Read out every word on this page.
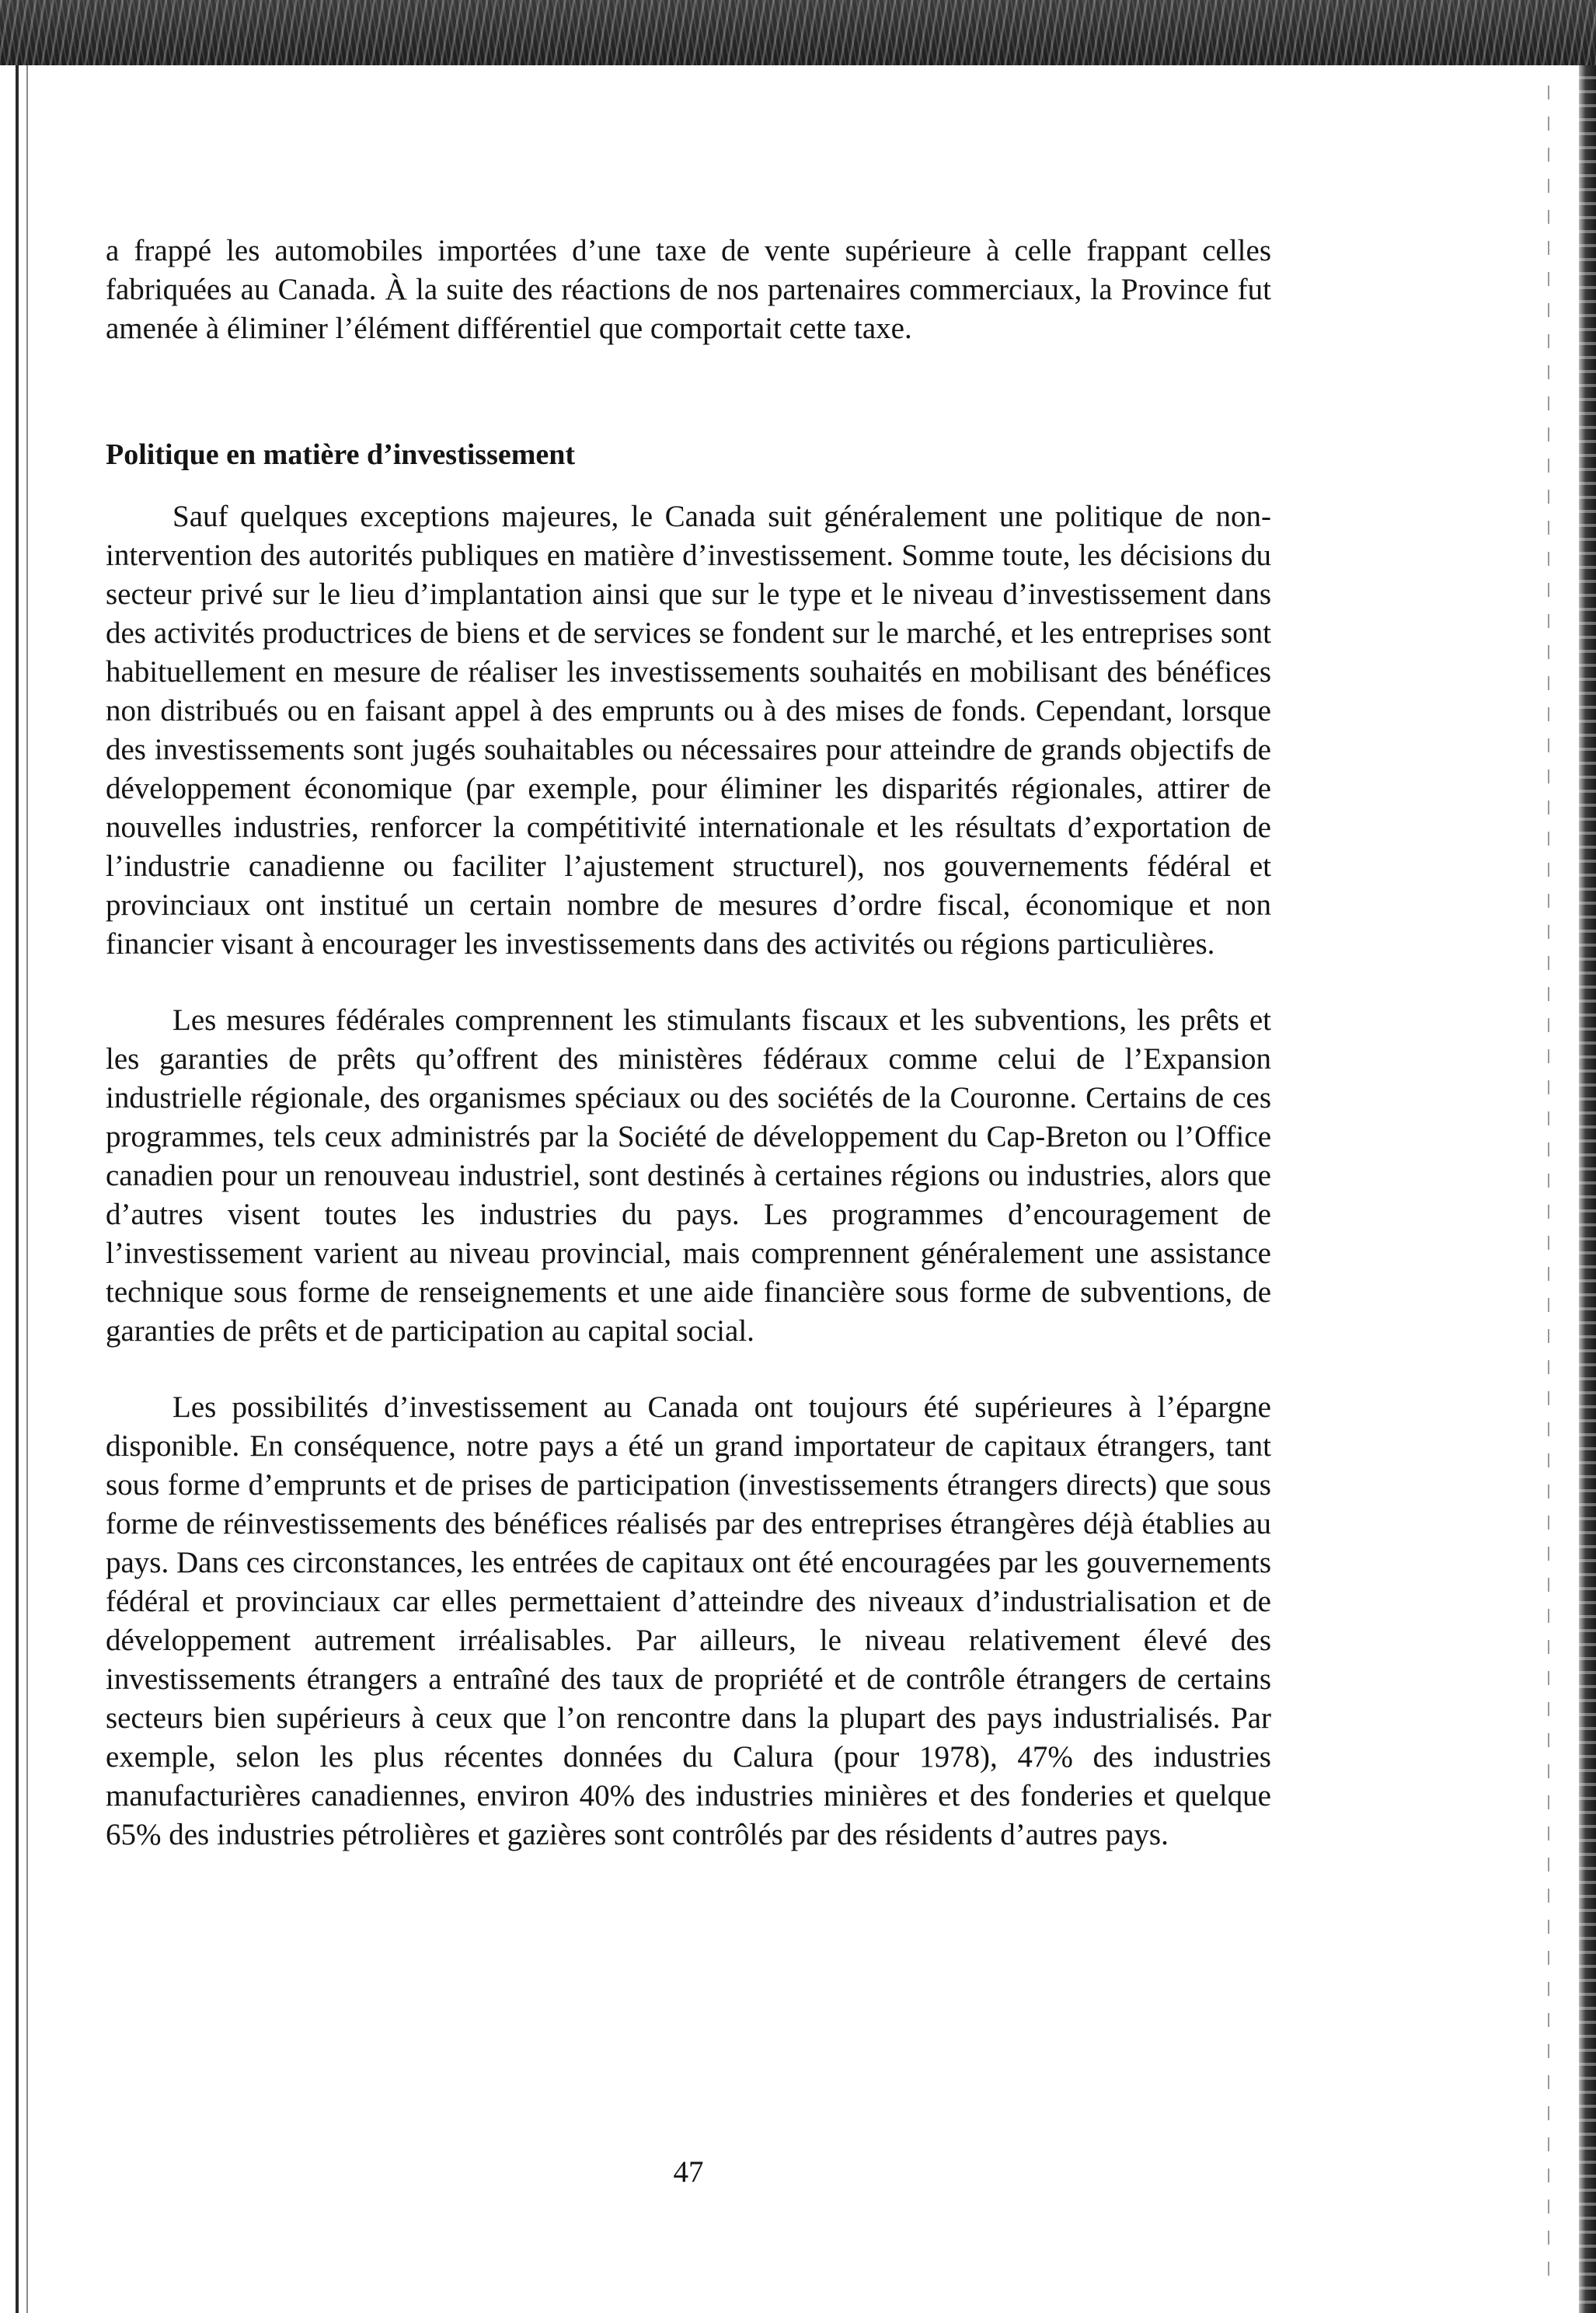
a frappé les automobiles importées d’une taxe de vente supérieure à celle frappant celles fabriquées au Canada. À la suite des réactions de nos partenaires commerciaux, la Province fut amenée à éliminer l’élément différentiel que comportait cette taxe.

Politique en matière d’investissement

Sauf quelques exceptions majeures, le Canada suit généralement une politique de non-intervention des autorités publiques en matière d’investissement. Somme toute, les décisions du secteur privé sur le lieu d’implantation ainsi que sur le type et le niveau d’investissement dans des activités productrices de biens et de services se fondent sur le marché, et les entreprises sont habituellement en mesure de réaliser les investissements souhaités en mobilisant des bénéfices non distribués ou en faisant appel à des emprunts ou à des mises de fonds. Cependant, lorsque des investissements sont jugés souhaitables ou nécessaires pour atteindre de grands objectifs de développement économique (par exemple, pour éliminer les disparités régionales, attirer de nouvelles industries, renforcer la compétitivité internationale et les résultats d’exportation de l’industrie canadienne ou faciliter l’ajustement structurel), nos gouvernements fédéral et provinciaux ont institué un certain nombre de mesures d’ordre fiscal, économique et non financier visant à encourager les investissements dans des activités ou régions particulières.

Les mesures fédérales comprennent les stimulants fiscaux et les subventions, les prêts et les garanties de prêts qu’offrent des ministères fédéraux comme celui de l’Expansion industrielle régionale, des organismes spéciaux ou des sociétés de la Couronne. Certains de ces programmes, tels ceux administrés par la Société de développement du Cap-Breton ou l’Office canadien pour un renouveau industriel, sont destinés à certaines régions ou industries, alors que d’autres visent toutes les industries du pays. Les programmes d’encouragement de l’investissement varient au niveau provincial, mais comprennent généralement une assistance technique sous forme de renseignements et une aide financière sous forme de subventions, de garanties de prêts et de participation au capital social.

Les possibilités d’investissement au Canada ont toujours été supérieures à l’épargne disponible. En conséquence, notre pays a été un grand importateur de capitaux étrangers, tant sous forme d’emprunts et de prises de participation (investissements étrangers directs) que sous forme de réinvestissements des bénéfices réalisés par des entreprises étrangères déjà établies au pays. Dans ces circonstances, les entrées de capitaux ont été encouragées par les gouvernements fédéral et provinciaux car elles permettaient d’atteindre des niveaux d’industrialisation et de développement autrement irréalisables. Par ailleurs, le niveau relativement élevé des investissements étrangers a entraîné des taux de propriété et de contrôle étrangers de certains secteurs bien supérieurs à ceux que l’on rencontre dans la plupart des pays industrialisés. Par exemple, selon les plus récentes données du Calura (pour 1978), 47% des industries manufacturières canadiennes, environ 40% des industries minières et des fonderies et quelque 65% des industries pétrolières et gazières sont contrôlés par des résidents d’autres pays.

47
